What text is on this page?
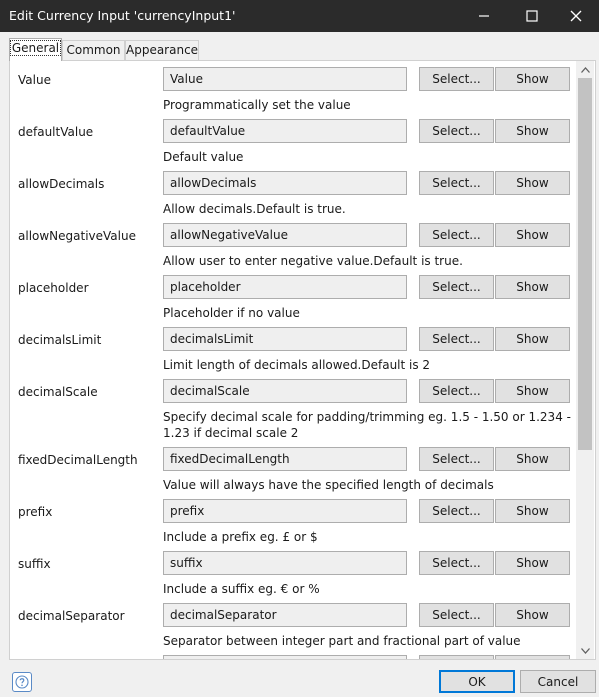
Edit Currency Input 'currencyInput1'
General Common Appearance
Value	Value	Select...	Show
Programmatically set the value
defaultValue	defaultValue	Select...	Show
Default value
allowDecimals	allowDecimals	Select...	Show
Allow decimals.Default is true.
allowNegativeValue	allowNegativeValue	Select...	Show
Allow user to enter negative value.Default is true.
placeholder	placeholder	Select...	Show
Placeholder if no value
decimalsLimit	decimalsLimit	Select...	Show
Limit length of decimals allowed.Default is 2
decimalScale	decimalScale	Select...	Show
Specify decimal scale for padding/trimming eg. 1.5 - 1.50 or 1.234 - 1.23 if decimal scale 2
fixedDecimalLength	fixedDecimalLength	Select...	Show
Value will always have the specified length of decimals
prefix	prefix	Select...	Show
Include a prefix eg. £ or $
suffix	suffix	Select...	Show
Include a suffix eg. € or %
decimalSeparator	decimalSeparator	Select...	Show
Separator between integer part and fractional part of value
OK	Cancel
